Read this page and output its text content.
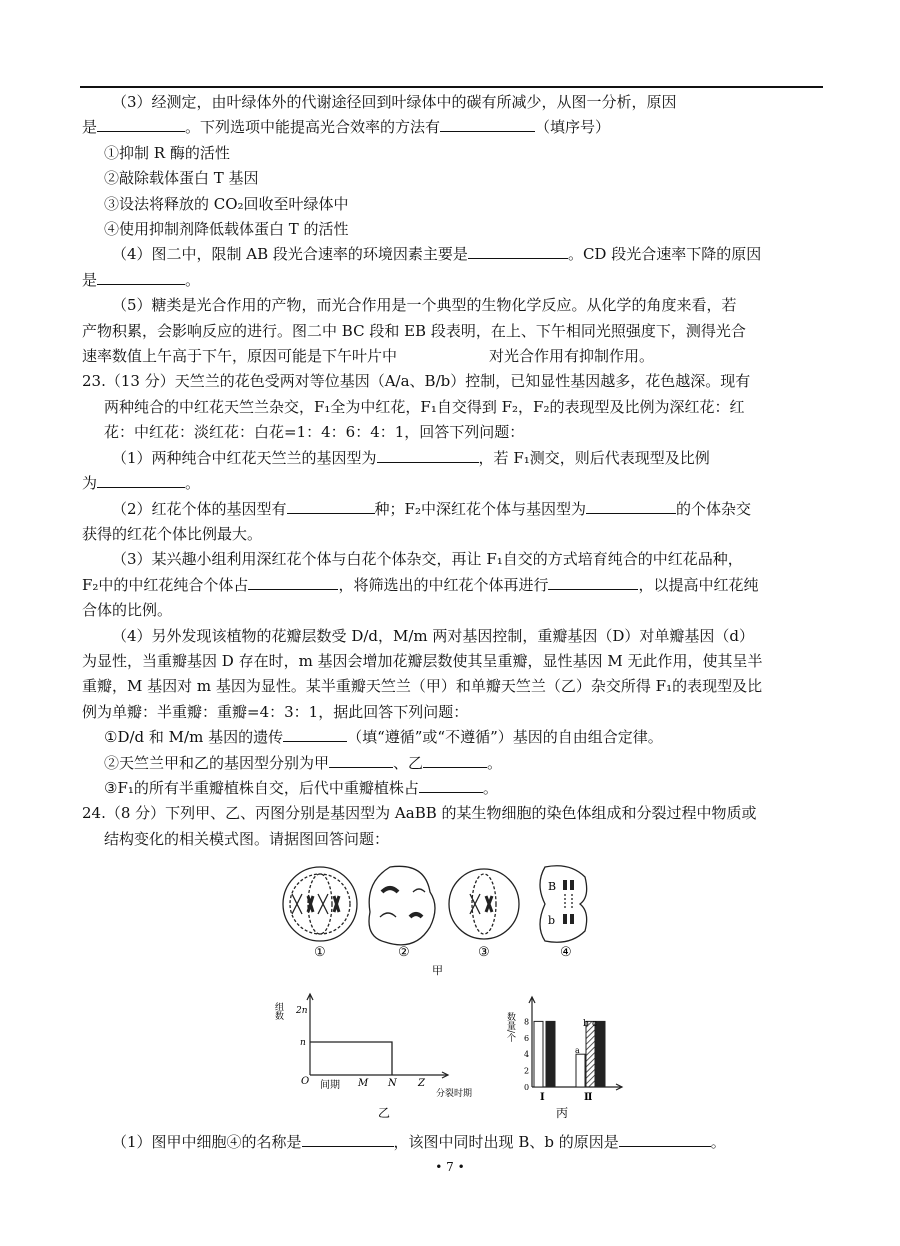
（3）经测定，由叶绿体外的代谢途径回到叶绿体中的碳有所减少，从图一分析，原因
是	。下列选项中能提高光合效率的方法有	（填序号）
①抑制 R 酶的活性
②敲除载体蛋白 T 基因
③设法将释放的 CO₂回收至叶绿体中
④使用抑制剂降低载体蛋白 T 的活性
（4）图二中，限制 AB 段光合速率的环境因素主要是	。CD 段光合速率下降的原因
是	。
（5）糖类是光合作用的产物，而光合作用是一个典型的生物化学反应。从化学的角度来看，若
产物积累，会影响反应的进行。图二中 BC 段和 EB 段表明，在上、下午相同光照强度下，测得光合
速率数值上午高于下午，原因可能是下午叶片中	对光合作用有抑制作用。
23.（13 分）天竺兰的花色受两对等位基因（A/a、B/b）控制，已知显性基因越多，花色越深。现有
两种纯合的中红花天竺兰杂交，F₁全为中红花，F₁自交得到 F₂，F₂的表现型及比例为深红花：红
花：中红花：淡红花：白花=1：4：6：4：1，回答下列问题：
（1）两种纯合中红花天竺兰的基因型为	，若 F₁测交，则后代表现型及比例
为	。
（2）红花个体的基因型有	种；F₂中深红花个体与基因型为	的个体杂交
获得的红花个体比例最大。
（3）某兴趣小组利用深红花个体与白花个体杂交，再让 F₁自交的方式培育纯合的中红花品种，
F₂中的中红花纯合个体占	，将筛选出的中红花个体再进行	，以提高中红花纯
合体的比例。
（4）另外发现该植物的花瓣层数受 D/d，M/m 两对基因控制，重瓣基因（D）对单瓣基因（d）
为显性，当重瓣基因 D 存在时，m 基因会增加花瓣层数使其呈重瓣，显性基因 M 无此作用，使其呈半
重瓣，M 基因对 m 基因为显性。某半重瓣天竺兰（甲）和单瓣天竺兰（乙）杂交所得 F₁的表现型及比
例为单瓣：半重瓣：重瓣=4：3：1，据此回答下列问题：
①D/d 和 M/m 基因的遗传	（填“遵循”或“不遵循”）基因的自由组合定律。
②天竺兰甲和乙的基因型分别为甲	、乙	。
③F₁的所有半重瓣植株自交，后代中重瓣植株占	。
24.（8 分）下列甲、乙、丙图分别是基因型为 AaBB 的某生物细胞的染色体组成和分裂过程中物质或
结构变化的相关模式图。请据图回答问题：
B
b
①	②	③	④
甲
组数 2n
n
O 间期 M N Z
分裂时期
乙
数量/个
0
2
4
6
8
Ⅰ	Ⅱ
a
b c
丙
（1）图甲中细胞④的名称是	，该图中同时出现 B、b 的原因是	。
• 7 •
